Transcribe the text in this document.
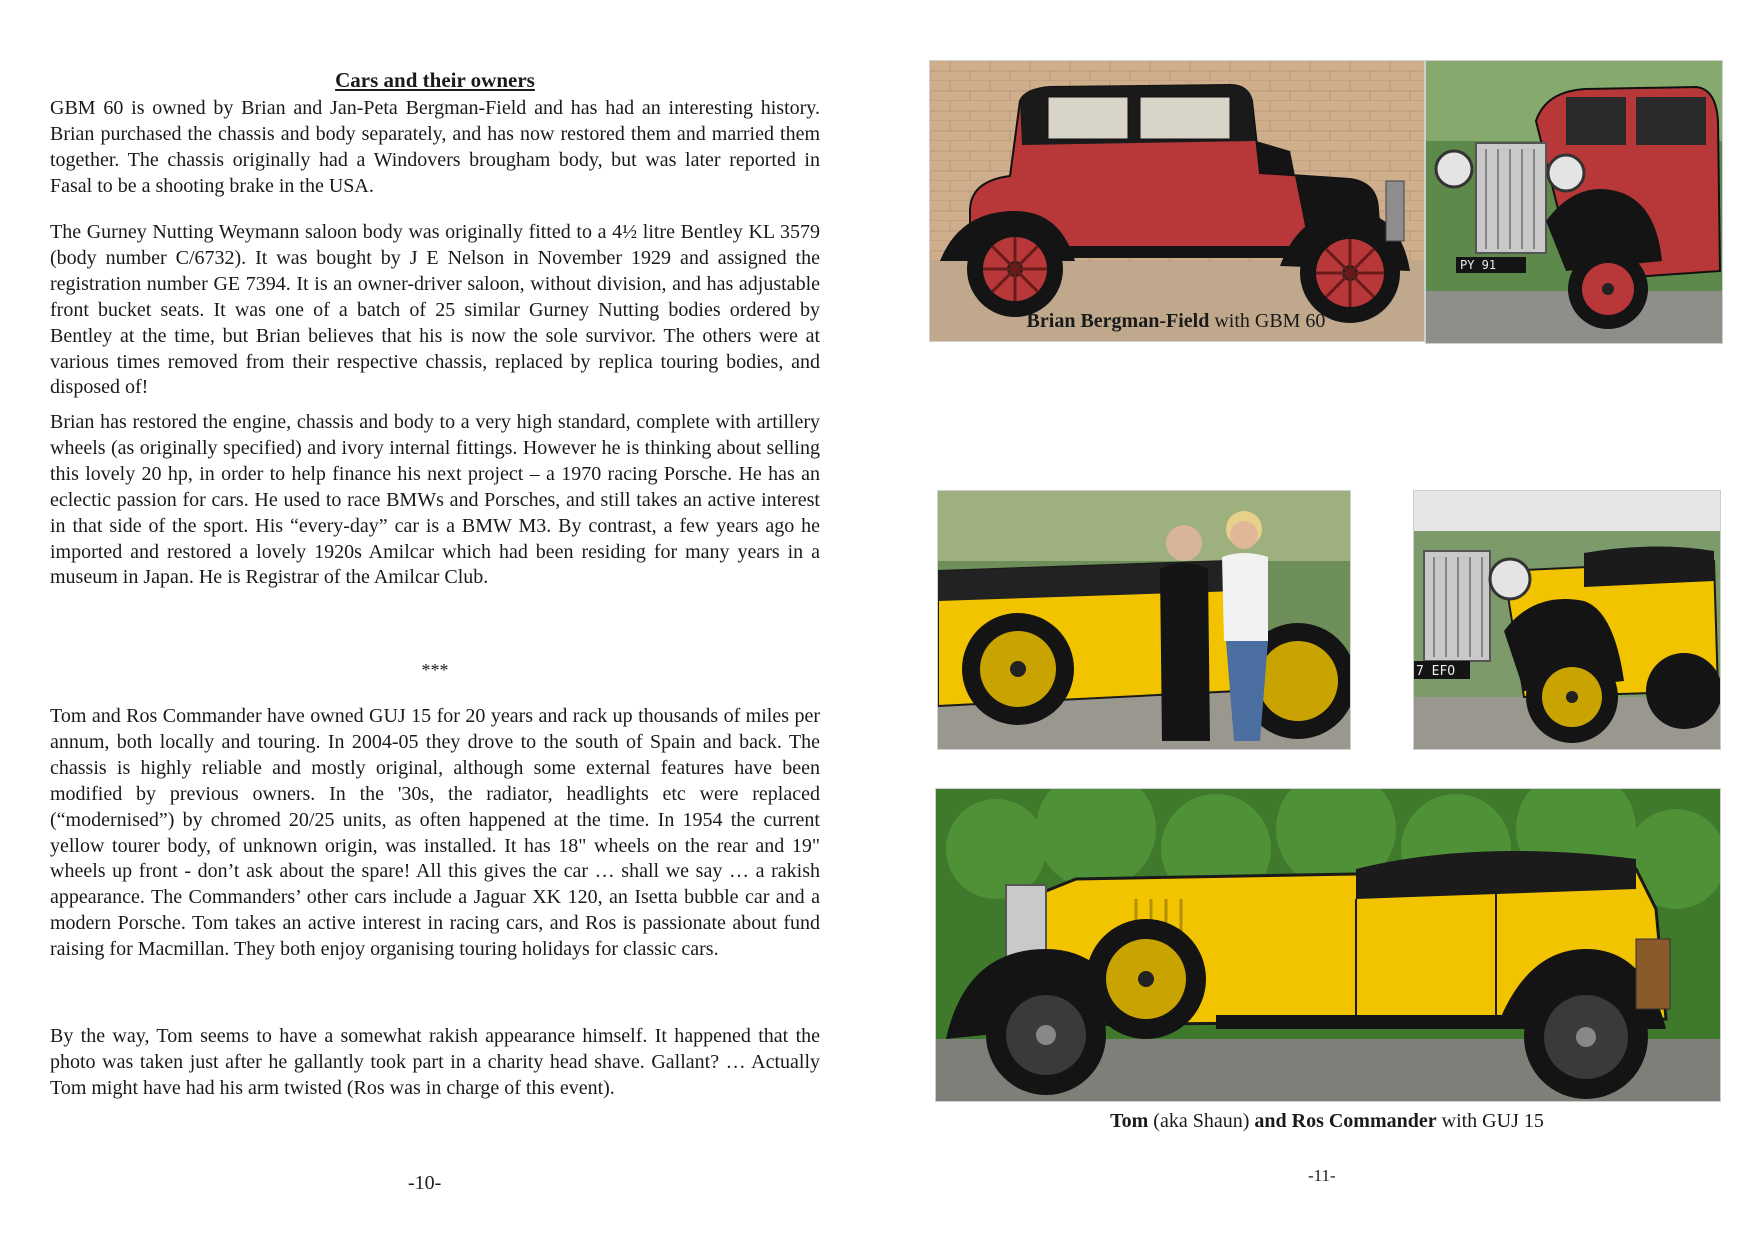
Cars and their owners

GBM 60 is owned by Brian and Jan-Peta Bergman-Field and has had an interesting history. Brian purchased the chassis and body separately, and has now restored them and married them together. The chassis originally had a Windovers brougham body, but was later reported in Fasal to be a shooting brake in the USA.

The Gurney Nutting Weymann saloon body was originally fitted to a 4½ litre Bentley KL 3579 (body number C/6732). It was bought by J E Nelson in November 1929 and assigned the registration number GE 7394. It is an owner-driver saloon, without division, and has adjustable front bucket seats. It was one of a batch of 25 similar Gurney Nutting bodies ordered by Bentley at the time, but Brian believes that his is now the sole survivor. The others were at various times removed from their respective chassis, replaced by replica touring bodies, and disposed of!

Brian has restored the engine, chassis and body to a very high standard, complete with artillery wheels (as originally specified) and ivory internal fittings. However he is thinking about selling this lovely 20 hp, in order to help finance his next project – a 1970 racing Porsche. He has an eclectic passion for cars. He used to race BMWs and Porsches, and still takes an active interest in that side of the sport. His “every-day” car is a BMW M3. By contrast, a few years ago he imported and restored a lovely 1920s Amilcar which had been residing for many years in a museum in Japan. He is Registrar of the Amilcar Club.

***

Tom and Ros Commander have owned GUJ 15 for 20 years and rack up thousands of miles per annum, both locally and touring. In 2004-05 they drove to the south of Spain and back. The chassis is highly reliable and mostly original, although some external features have been modified by previous owners. In the '30s, the radiator, headlights etc were replaced (“modernised”) by chromed 20/25 units, as often happened at the time. In 1954 the current yellow tourer body, of unknown origin, was installed. It has 18" wheels on the rear and 19" wheels up front - don’t ask about the spare! All this gives the car … shall we say … a rakish appearance. The Commanders’ other cars include a Jaguar XK 120, an Isetta bubble car and a modern Porsche. Tom takes an active interest in racing cars, and Ros is passionate about fund raising for Macmillan. They both enjoy organising touring holidays for classic cars.

By the way, Tom seems to have a somewhat rakish appearance himself. It happened that the photo was taken just after he gallantly took part in a charity head shave. Gallant? … Actually Tom might have had his arm twisted (Ros was in charge of this event).

-10-
PY 91
Brian Bergman-Field with GBM 60
7 EFO
Tom (aka Shaun) and Ros Commander with GUJ 15
-11-
